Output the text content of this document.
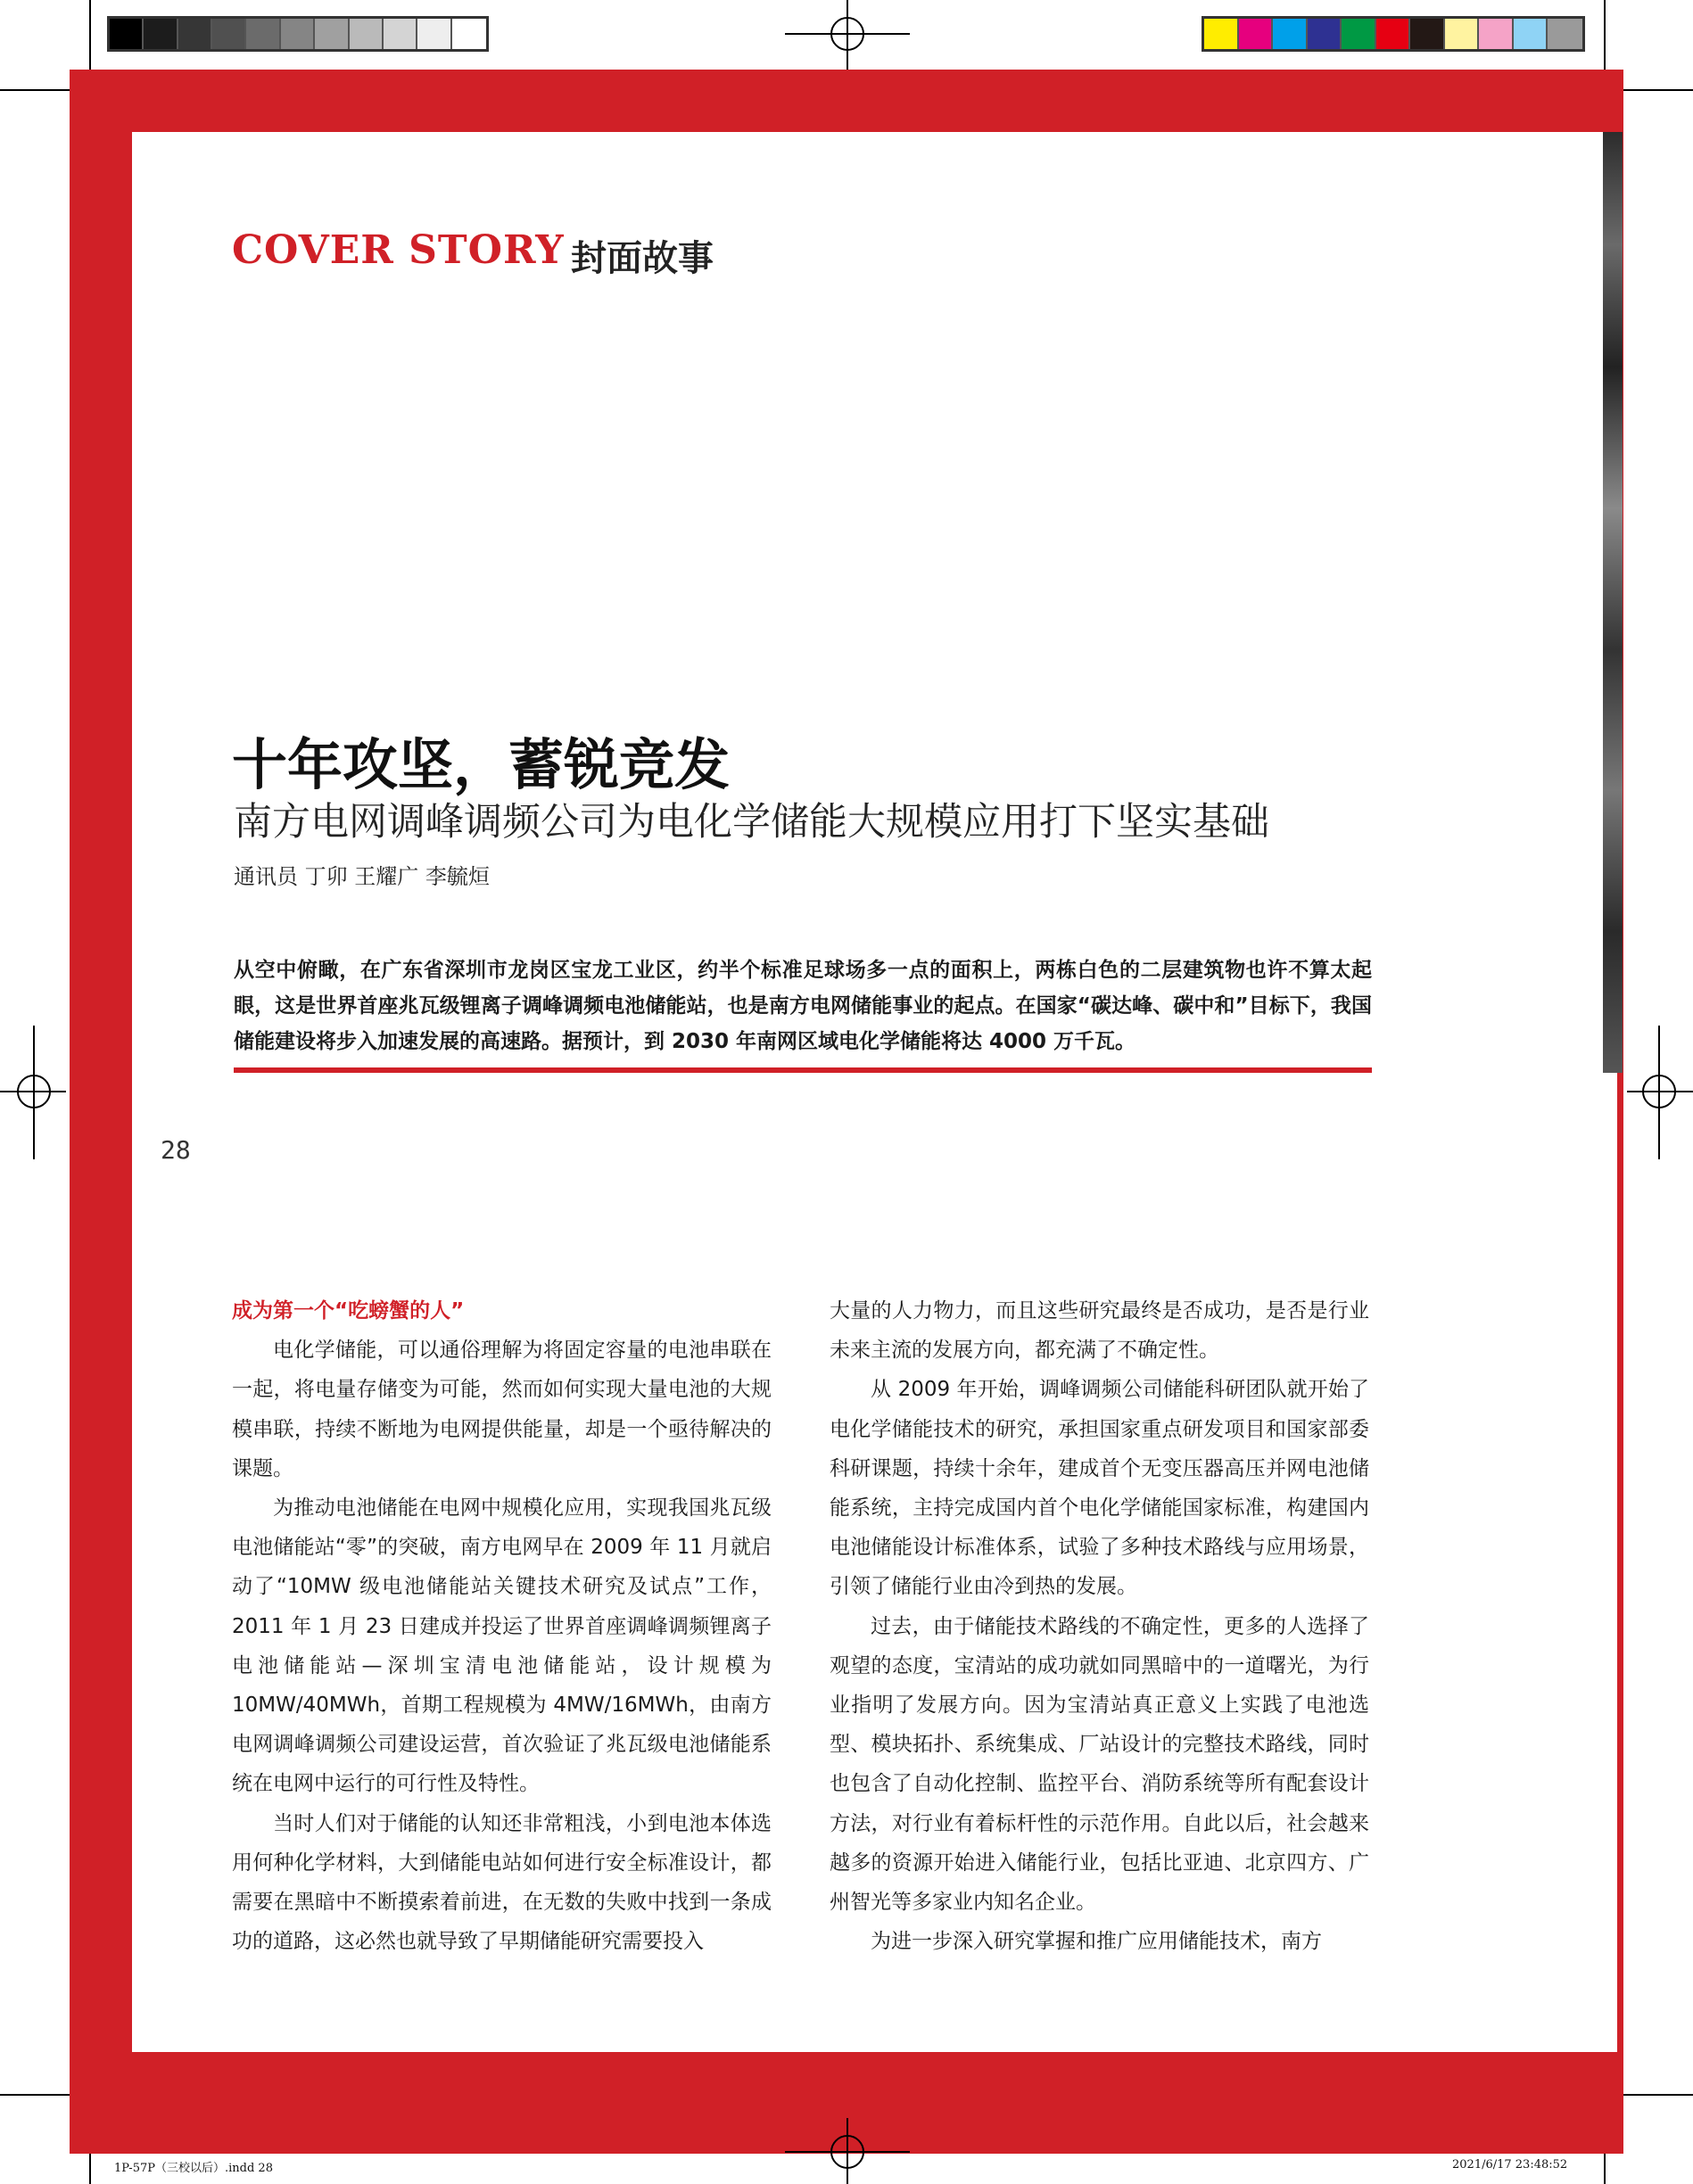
COVER STORY 封面故事
十年攻坚，蓄锐竞发
南方电网调峰调频公司为电化学储能大规模应用打下坚实基础
通讯员 丁卯 王耀广 李毓烜
从空中俯瞰，在广东省深圳市龙岗区宝龙工业区，约半个标准足球场多一点的面积上，两栋白色的二层建筑物也许不算太起眼，这是世界首座兆瓦级锂离子调峰调频电池储能站，也是南方电网储能事业的起点。在国家“碳达峰、碳中和”目标下，我国储能建设将步入加速发展的高速路。据预计，到 2030 年南网区域电化学储能将达 4000 万千瓦。
28
成为第一个“吃螃蟹的人”

电化学储能，可以通俗理解为将固定容量的电池串联在一起，将电量存储变为可能，然而如何实现大量电池的大规模串联，持续不断地为电网提供能量，却是一个亟待解决的课题。

为推动电池储能在电网中规模化应用，实现我国兆瓦级电池储能站“零”的突破，南方电网早在 2009 年 11 月就启动了“10MW 级电池储能站关键技术研究及试点”工作，2011 年 1 月 23 日建成并投运了世界首座调峰调频锂离子电池储能站—深圳宝清电池储能站，设计规模为 10MW/40MWh，首期工程规模为 4MW/16MWh，由南方电网调峰调频公司建设运营，首次验证了兆瓦级电池储能系统在电网中运行的可行性及特性。

当时人们对于储能的认知还非常粗浅，小到电池本体选用何种化学材料，大到储能电站如何进行安全标准设计，都需要在黑暗中不断摸索着前进，在无数的失败中找到一条成功的道路，这必然也就导致了早期储能研究需要投入

大量的人力物力，而且这些研究最终是否成功，是否是行业未来主流的发展方向，都充满了不确定性。

从 2009 年开始，调峰调频公司储能科研团队就开始了电化学储能技术的研究，承担国家重点研发项目和国家部委科研课题，持续十余年，建成首个无变压器高压并网电池储能系统，主持完成国内首个电化学储能国家标准，构建国内电池储能设计标准体系，试验了多种技术路线与应用场景，引领了储能行业由冷到热的发展。

过去，由于储能技术路线的不确定性，更多的人选择了观望的态度，宝清站的成功就如同黑暗中的一道曙光，为行业指明了发展方向。因为宝清站真正意义上实践了电池选型、模块拓扑、系统集成、厂站设计的完整技术路线，同时也包含了自动化控制、监控平台、消防系统等所有配套设计方法，对行业有着标杆性的示范作用。自此以后，社会越来越多的资源开始进入储能行业，包括比亚迪、北京四方、广州智光等多家业内知名企业。

为进一步深入研究掌握和推广应用储能技术，南方

1P-57P（三校以后）.indd 28	2021/6/17 23:48:52
